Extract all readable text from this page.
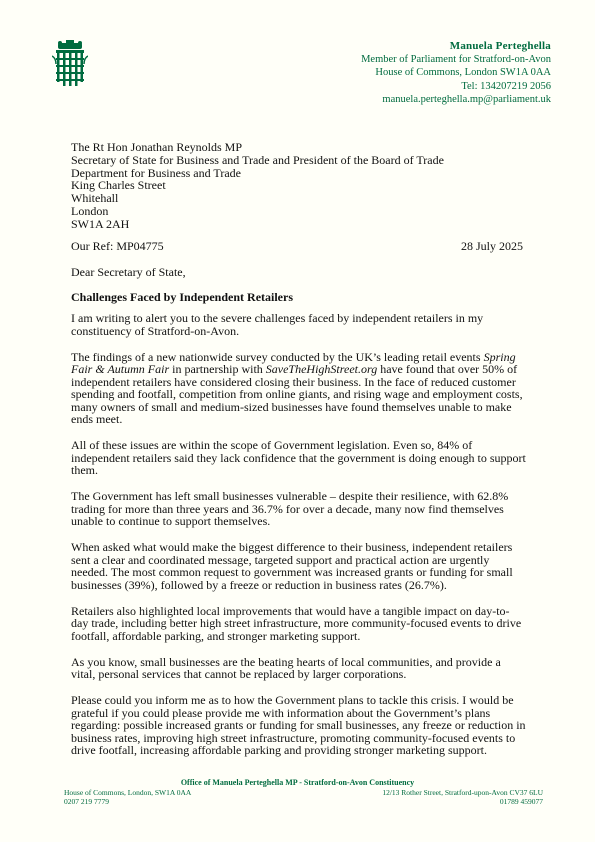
Manuela Perteghella
Member of Parliament for Stratford-on-Avon
House of Commons, London SW1A 0AA
Tel: 134207219 2056
manuela.perteghella.mp@parliament.uk
The Rt Hon Jonathan Reynolds MP
Secretary of State for Business and Trade and President of the Board of Trade
Department for Business and Trade
King Charles Street
Whitehall
London
SW1A 2AH
Our Ref: MP04775	28 July 2025
Dear Secretary of State,
Challenges Faced by Independent Retailers

I am writing to alert you to the severe challenges faced by independent retailers in my constituency of Stratford-on-Avon.

The findings of a new nationwide survey conducted by the UK’s leading retail events Spring Fair & Autumn Fair in partnership with SaveTheHighStreet.org have found that over 50% of independent retailers have considered closing their business. In the face of reduced customer spending and footfall, competition from online giants, and rising wage and employment costs, many owners of small and medium-sized businesses have found themselves unable to make ends meet.

All of these issues are within the scope of Government legislation. Even so, 84% of independent retailers said they lack confidence that the government is doing enough to support them.

The Government has left small businesses vulnerable – despite their resilience, with 62.8% trading for more than three years and 36.7% for over a decade, many now find themselves unable to continue to support themselves.

When asked what would make the biggest difference to their business, independent retailers sent a clear and coordinated message, targeted support and practical action are urgently needed. The most common request to government was increased grants or funding for small businesses (39%), followed by a freeze or reduction in business rates (26.7%).

Retailers also highlighted local improvements that would have a tangible impact on day-to-day trade, including better high street infrastructure, more community-focused events to drive footfall, affordable parking, and stronger marketing support.

As you know, small businesses are the beating hearts of local communities, and provide a vital, personal services that cannot be replaced by larger corporations.

Please could you inform me as to how the Government plans to tackle this crisis. I would be grateful if you could please provide me with information about the Government’s plans regarding: possible increased grants or funding for small businesses, any freeze or reduction in business rates, improving high street infrastructure, promoting community-focused events to drive footfall, increasing affordable parking and providing stronger marketing support.

Office of Manuela Perteghella MP - Stratford-on-Avon Constituency
House of Commons, London, SW1A 0AA	12/13 Rother Street, Stratford-upon-Avon CV37 6LU
0207 219 7779	01789 459077
